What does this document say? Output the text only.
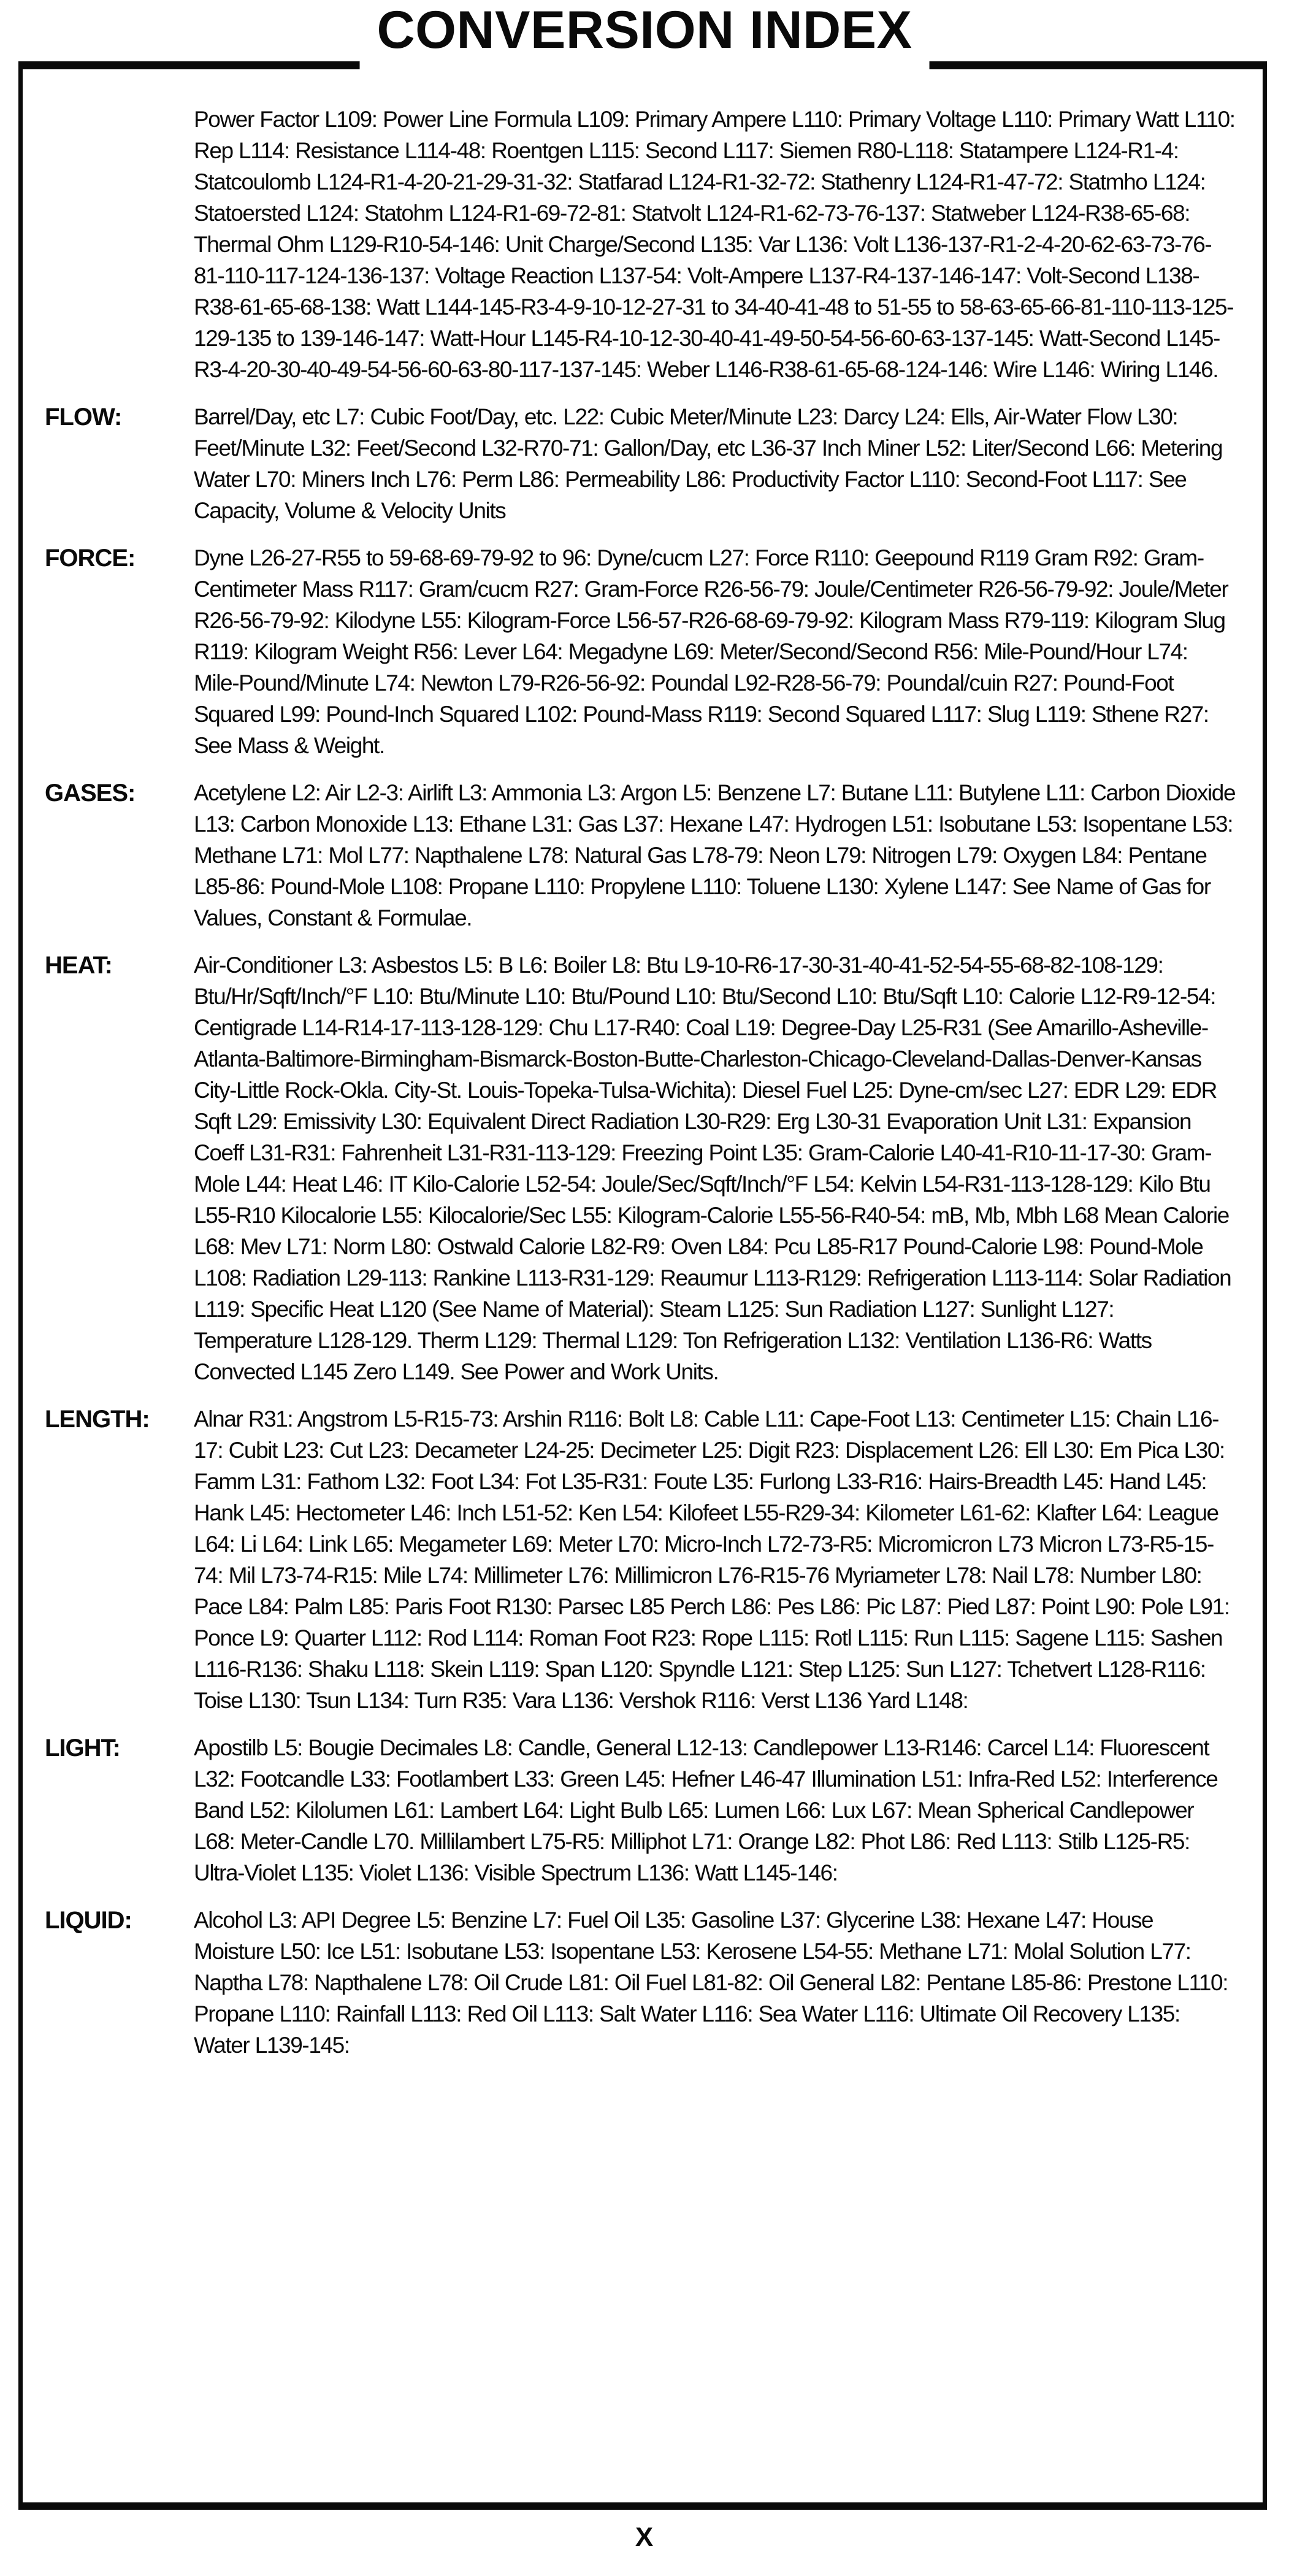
CONVERSION INDEX

Power Factor L109: Power Line Formula L109: Primary Ampere L110: Primary Voltage L110: Primary Watt L110: Rep L114: Resistance L114-48: Roentgen L115: Second L117: Siemen R80-L118: Statampere L124-R1-4: Statcoulomb L124-R1-4-20-21-29-31-32: Statfarad L124-R1-32-72: Stathenry L124-R1-47-72: Statmho L124: Statoersted L124: Statohm L124-R1-69-72-81: Statvolt L124-R1-62-73-76-137: Statweber L124-R38-65-68: Thermal Ohm L129-R10-54-146: Unit Charge/Second L135: Var L136: Volt L136-137-R1-2-4-20-62-63-73-76-81-110-117-124-136-137: Voltage Reaction L137-54: Volt-Ampere L137-R4-137-146-147: Volt-Second L138-R38-61-65-68-138: Watt L144-145-R3-4-9-10-12-27-31 to 34-40-41-48 to 51-55 to 58-63-65-66-81-110-113-125-129-135 to 139-146-147: Watt-Hour L145-R4-10-12-30-40-41-49-50-54-56-60-63-137-145: Watt-Second L145-R3-4-20-30-40-49-54-56-60-63-80-117-137-145: Weber L146-R38-61-65-68-124-146: Wire L146: Wiring L146.

FLOW:	Barrel/Day, etc L7: Cubic Foot/Day, etc. L22: Cubic Meter/Minute L23: Darcy L24: Ells, Air-Water Flow L30: Feet/Minute L32: Feet/Second L32-R70-71: Gallon/Day, etc L36-37 Inch Miner L52: Liter/Second L66: Metering Water L70: Miners Inch L76: Perm L86: Permeability L86: Productivity Factor L110: Second-Foot L117: See Capacity, Volume & Velocity Units

FORCE:	Dyne L26-27-R55 to 59-68-69-79-92 to 96: Dyne/cucm L27: Force R110: Geepound R119 Gram R92: Gram-Centimeter Mass R117: Gram/cucm R27: Gram-Force R26-56-79: Joule/Centimeter R26-56-79-92: Joule/Meter R26-56-79-92: Kilodyne L55: Kilogram-Force L56-57-R26-68-69-79-92: Kilogram Mass R79-119: Kilogram Slug R119: Kilogram Weight R56: Lever L64: Megadyne L69: Meter/Second/Second R56: Mile-Pound/Hour L74: Mile-Pound/Minute L74: Newton L79-R26-56-92: Poundal L92-R28-56-79: Poundal/cuin R27: Pound-Foot Squared L99: Pound-Inch Squared L102: Pound-Mass R119: Second Squared L117: Slug L119: Sthene R27: See Mass & Weight.

GASES:	Acetylene L2: Air L2-3: Airlift L3: Ammonia L3: Argon L5: Benzene L7: Butane L11: Butylene L11: Carbon Dioxide L13: Carbon Monoxide L13: Ethane L31: Gas L37: Hexane L47: Hydrogen L51: Isobutane L53: Isopentane L53: Methane L71: Mol L77: Napthalene L78: Natural Gas L78-79: Neon L79: Nitrogen L79: Oxygen L84: Pentane L85-86: Pound-Mole L108: Propane L110: Propylene L110: Toluene L130: Xylene L147: See Name of Gas for Values, Constant & Formulae.

HEAT:	Air-Conditioner L3: Asbestos L5: B L6: Boiler L8: Btu L9-10-R6-17-30-31-40-41-52-54-55-68-82-108-129: Btu/Hr/Sqft/Inch/°F L10: Btu/Minute L10: Btu/Pound L10: Btu/Second L10: Btu/Sqft L10: Calorie L12-R9-12-54: Centigrade L14-R14-17-113-128-129: Chu L17-R40: Coal L19: Degree-Day L25-R31 (See Amarillo-Asheville-Atlanta-Baltimore-Birmingham-Bismarck-Boston-Butte-Charleston-Chicago-Cleveland-Dallas-Denver-Kansas City-Little Rock-Okla. City-St. Louis-Topeka-Tulsa-Wichita): Diesel Fuel L25: Dyne-cm/sec L27: EDR L29: EDR Sqft L29: Emissivity L30: Equivalent Direct Radiation L30-R29: Erg L30-31 Evaporation Unit L31: Expansion Coeff L31-R31: Fahrenheit L31-R31-113-129: Freezing Point L35: Gram-Calorie L40-41-R10-11-17-30: Gram-Mole L44: Heat L46: IT Kilo-Calorie L52-54: Joule/Sec/Sqft/Inch/°F L54: Kelvin L54-R31-113-128-129: Kilo Btu L55-R10 Kilocalorie L55: Kilocalorie/Sec L55: Kilogram-Calorie L55-56-R40-54: mB, Mb, Mbh L68 Mean Calorie L68: Mev L71: Norm L80: Ostwald Calorie L82-R9: Oven L84: Pcu L85-R17 Pound-Calorie L98: Pound-Mole L108: Radiation L29-113: Rankine L113-R31-129: Reaumur L113-R129: Refrigeration L113-114: Solar Radiation L119: Specific Heat L120 (See Name of Material): Steam L125: Sun Radiation L127: Sunlight L127: Temperature L128-129. Therm L129: Thermal L129: Ton Refrigeration L132: Ventilation L136-R6: Watts Convected L145 Zero L149. See Power and Work Units.

LENGTH:	Alnar R31: Angstrom L5-R15-73: Arshin R116: Bolt L8: Cable L11: Cape-Foot L13: Centimeter L15: Chain L16-17: Cubit L23: Cut L23: Decameter L24-25: Decimeter L25: Digit R23: Displacement L26: Ell L30: Em Pica L30: Famm L31: Fathom L32: Foot L34: Fot L35-R31: Foute L35: Furlong L33-R16: Hairs-Breadth L45: Hand L45: Hank L45: Hectometer L46: Inch L51-52: Ken L54: Kilofeet L55-R29-34: Kilometer L61-62: Klafter L64: League L64: Li L64: Link L65: Megameter L69: Meter L70: Micro-Inch L72-73-R5: Micromicron L73 Micron L73-R5-15-74: Mil L73-74-R15: Mile L74: Millimeter L76: Millimicron L76-R15-76 Myriameter L78: Nail L78: Number L80: Pace L84: Palm L85: Paris Foot R130: Parsec L85 Perch L86: Pes L86: Pic L87: Pied L87: Point L90: Pole L91: Ponce L9: Quarter L112: Rod L114: Roman Foot R23: Rope L115: Rotl L115: Run L115: Sagene L115: Sashen L116-R136: Shaku L118: Skein L119: Span L120: Spyndle L121: Step L125: Sun L127: Tchetvert L128-R116: Toise L130: Tsun L134: Turn R35: Vara L136: Vershok R116: Verst L136 Yard L148:

LIGHT:	Apostilb L5: Bougie Decimales L8: Candle, General L12-13: Candlepower L13-R146: Carcel L14: Fluorescent L32: Footcandle L33: Footlambert L33: Green L45: Hefner L46-47 Illumination L51: Infra-Red L52: Interference Band L52: Kilolumen L61: Lambert L64: Light Bulb L65: Lumen L66: Lux L67: Mean Spherical Candlepower L68: Meter-Candle L70. Millilambert L75-R5: Milliphot L71: Orange L82: Phot L86: Red L113: Stilb L125-R5: Ultra-Violet L135: Violet L136: Visible Spectrum L136: Watt L145-146:

LIQUID:	Alcohol L3: API Degree L5: Benzine L7: Fuel Oil L35: Gasoline L37: Glycerine L38: Hexane L47: House Moisture L50: Ice L51: Isobutane L53: Isopentane L53: Kerosene L54-55: Methane L71: Molal Solution L77: Naptha L78: Napthalene L78: Oil Crude L81: Oil Fuel L81-82: Oil General L82: Pentane L85-86: Prestone L110: Propane L110: Rainfall L113: Red Oil L113: Salt Water L116: Sea Water L116: Ultimate Oil Recovery L135: Water L139-145:

X
